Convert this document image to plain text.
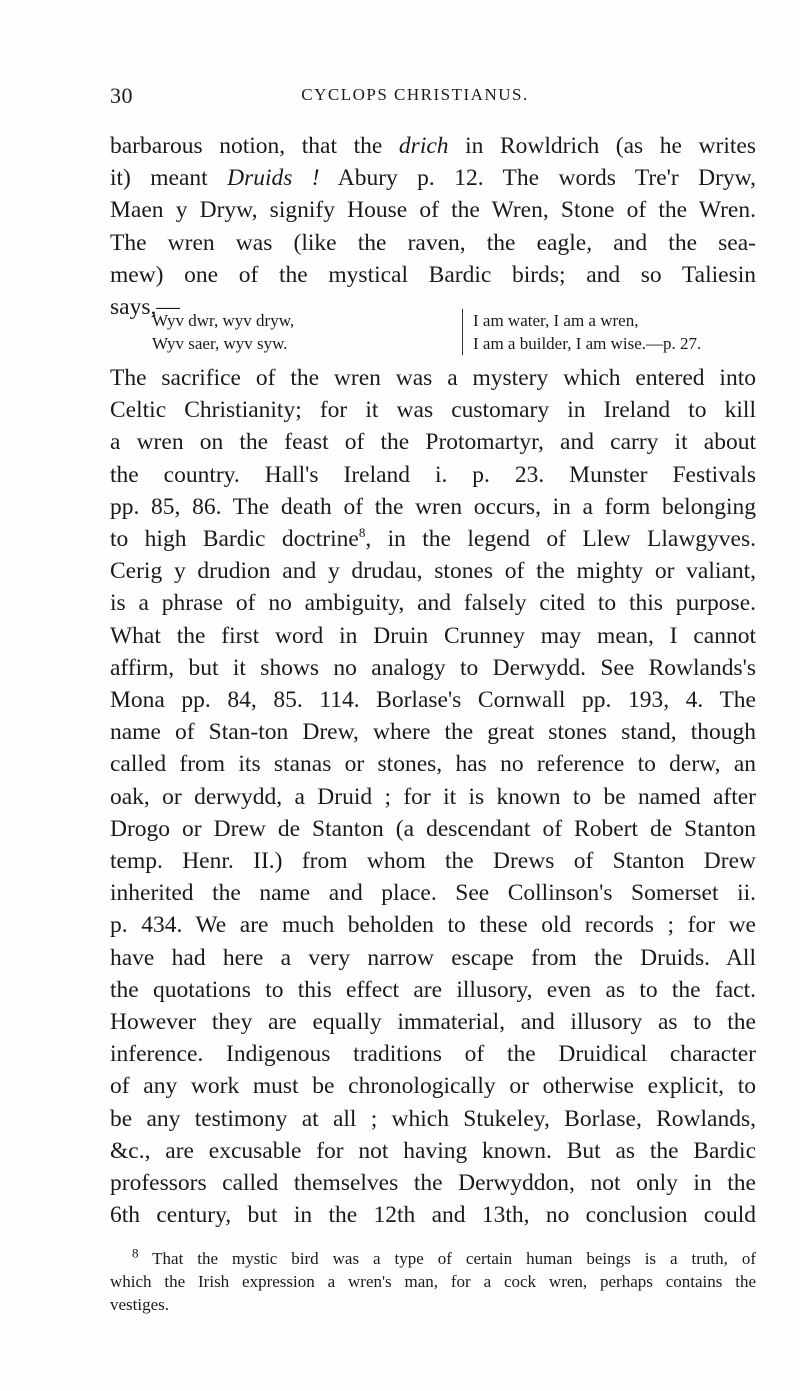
30	CYCLOPS CHRISTIANUS.
barbarous notion, that the drich in Rowldrich (as he writes
it) meant Druids ! Abury p. 12. The words Tre'r Dryw,
Maen y Dryw, signify House of the Wren, Stone of the Wren.
The wren was (like the raven, the eagle, and the sea-
mew) one of the mystical Bardic birds; and so Taliesin
says,—
Wyv dwr, wyv dryw,
Wyv saer, wyv syw.
I am water, I am a wren,
I am a builder, I am wise.—p. 27.
The sacrifice of the wren was a mystery which entered into
Celtic Christianity; for it was customary in Ireland to kill
a wren on the feast of the Protomartyr, and carry it about
the country. Hall's Ireland i. p. 23. Munster Festivals
pp. 85, 86. The death of the wren occurs, in a form belonging
to high Bardic doctrine$^8$, in the legend of Llew Llawgyves.
Cerig y drudion and y drudau, stones of the mighty or valiant,
is a phrase of no ambiguity, and falsely cited to this purpose.
What the first word in Druin Crunney may mean, I cannot
affirm, but it shows no analogy to Derwydd. See Rowlands's
Mona pp. 84, 85. 114. Borlase's Cornwall pp. 193, 4. The
name of Stan-ton Drew, where the great stones stand, though
called from its stanas or stones, has no reference to derw, an
oak, or derwydd, a Druid ; for it is known to be named after
Drogo or Drew de Stanton (a descendant of Robert de Stanton
temp. Henr. II.) from whom the Drews of Stanton Drew
inherited the name and place. See Collinson's Somerset ii.
p. 434. We are much beholden to these old records ; for we
have had here a very narrow escape from the Druids. All
the quotations to this effect are illusory, even as to the fact.
However they are equally immaterial, and illusory as to the
inference. Indigenous traditions of the Druidical character
of any work must be chronologically or otherwise explicit, to
be any testimony at all ; which Stukeley, Borlase, Rowlands,
&c., are excusable for not having known. But as the Bardic
professors called themselves the Derwyddon, not only in the
6th century, but in the 12th and 13th, no conclusion could
$^8$ That the mystic bird was a type of certain human beings is a truth, of
which the Irish expression a wren's man, for a cock wren, perhaps contains the
vestiges.
